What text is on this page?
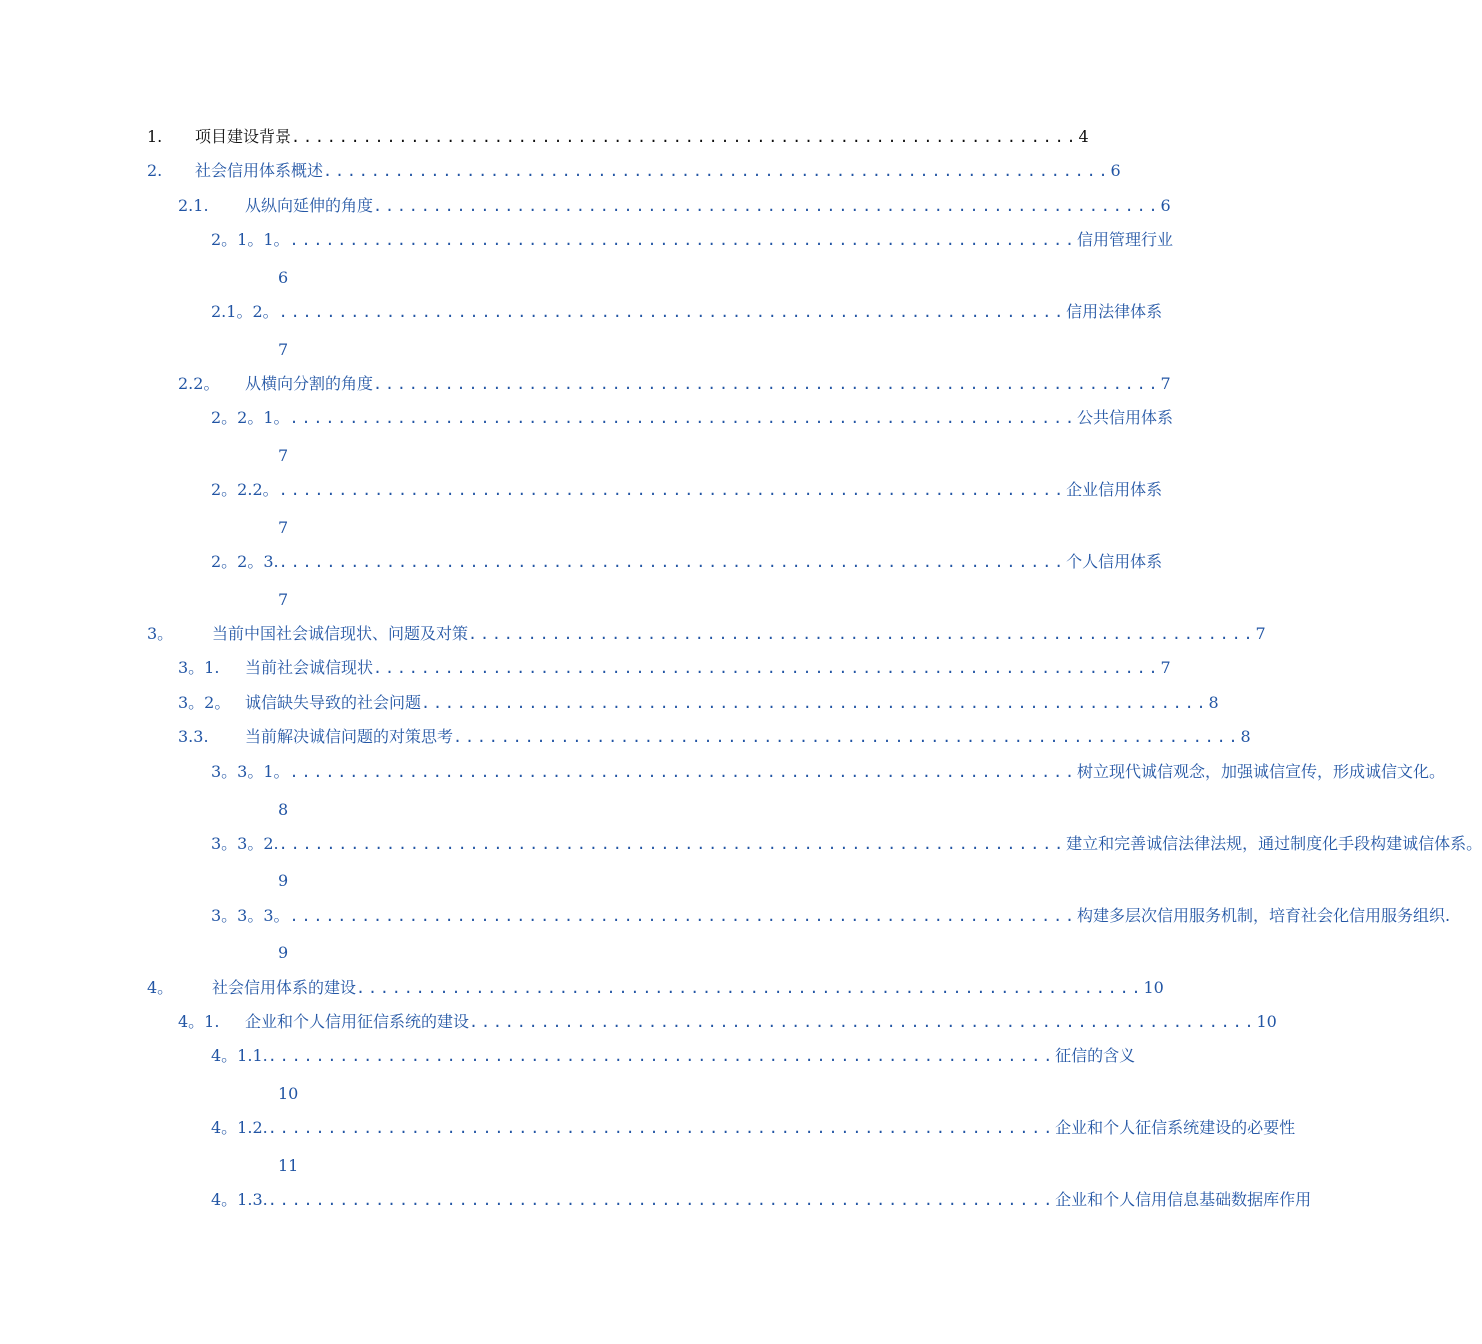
1. 项目建设背景 .................................................................. 4
2. 社会信用体系概述 .................................................................. 6
2.1. 从纵向延伸的角度 .................................................................. 6
2。1。1。 .................................................................. 信用管理行业
6
2.1。2。 .................................................................. 信用法律体系
7
2.2。 从横向分割的角度 .................................................................. 7
2。2。1。 .................................................................. 公共信用体系
7
2。2.2。 .................................................................. 企业信用体系
7
2。2。3. .................................................................. 个人信用体系
7
3。 当前中国社会诚信现状、问题及对策 .................................................................. 7
3。1. 当前社会诚信现状 .................................................................. 7
3。2。 诚信缺失导致的社会问题 .................................................................. 8
3.3. 当前解决诚信问题的对策思考 .................................................................. 8
3。3。1。 .................................................................. 树立现代诚信观念，加强诚信宣传，形成诚信文化。
8
3。3。2. .................................................................. 建立和完善诚信法律法规，通过制度化手段构建诚信体系。
9
3。3。3。 .................................................................. 构建多层次信用服务机制，培育社会化信用服务组织.
9
4。 社会信用体系的建设 .................................................................. 10
4。1. 企业和个人信用征信系统的建设 .................................................................. 10
4。1.1. .................................................................. 征信的含义
10
4。1.2. .................................................................. 企业和个人征信系统建设的必要性
11
4。1.3. .................................................................. 企业和个人信用信息基础数据库作用
